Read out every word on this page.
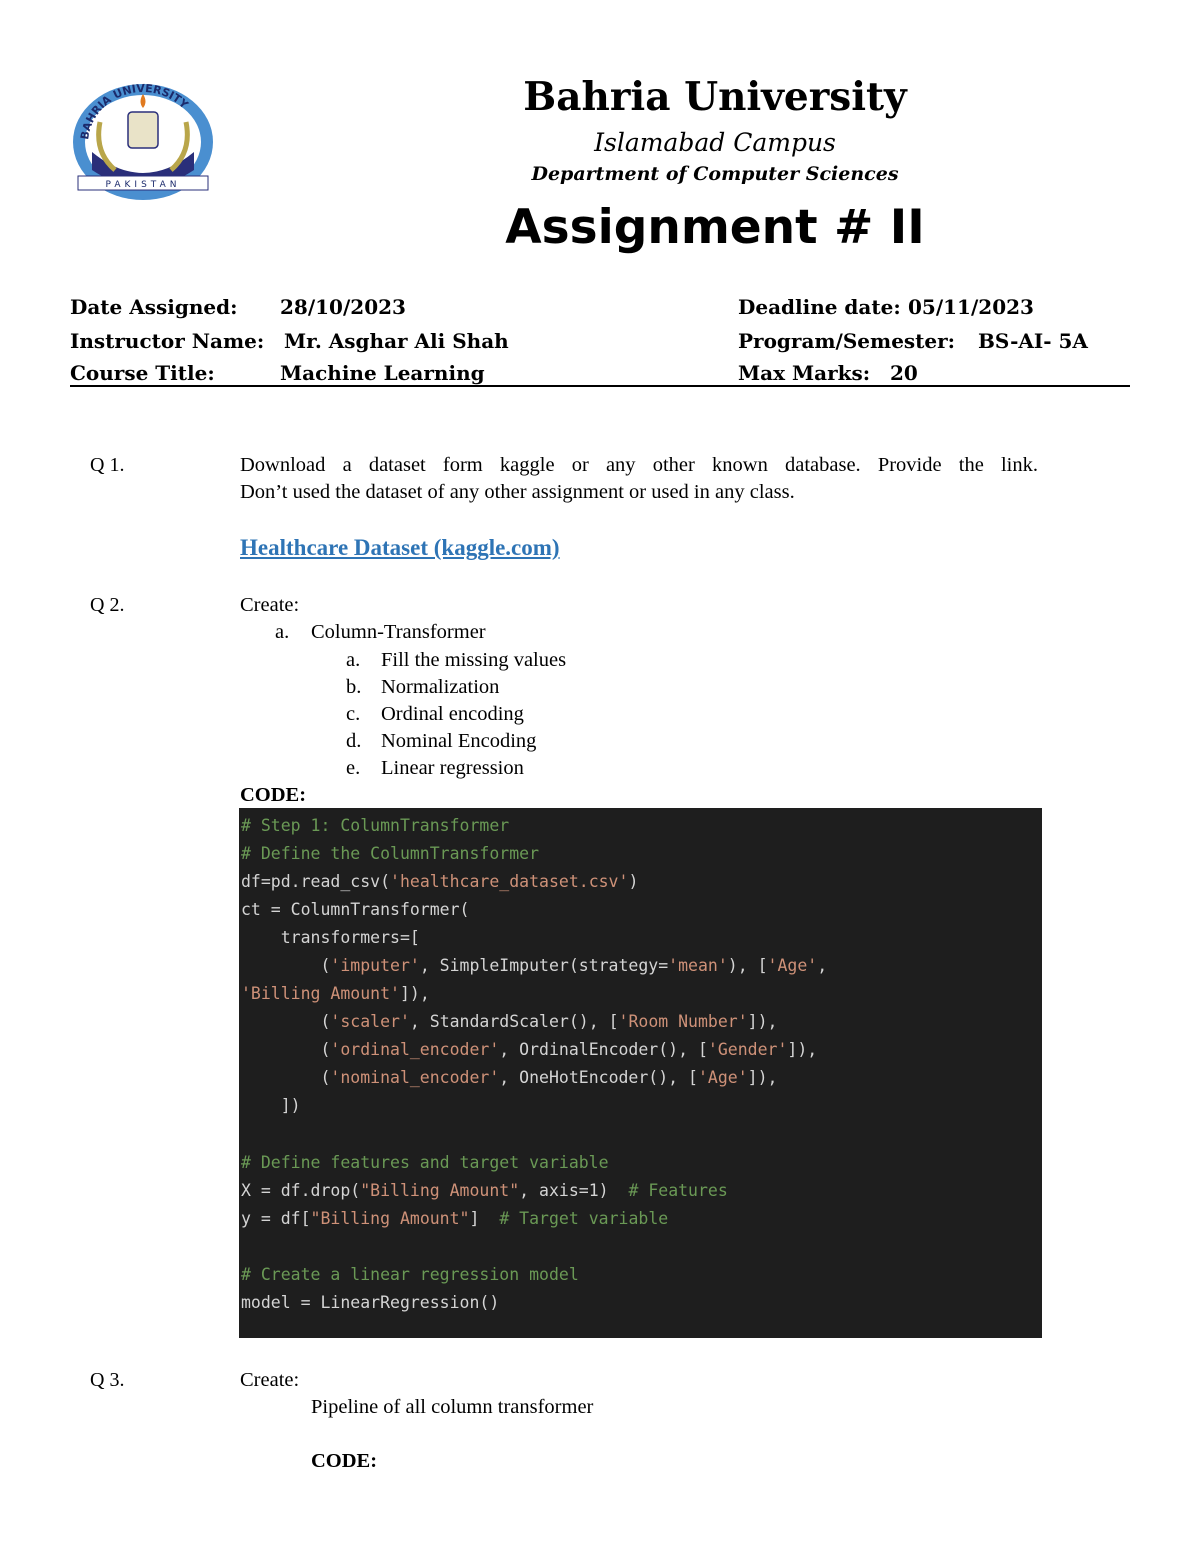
BAHRIA UNIVERSITY
PAKISTAN
Bahria University
Islamabad Campus
Department of Computer Sciences
Assignment # II
Date Assigned: 28/10/2023
Instructor Name: Mr. Asghar Ali Shah
Course Title:	Machine Learning
Deadline date: 05/11/2023
Program/Semester: BS-AI- 5A
Max Marks: 20
Q 1.	Download a dataset form kaggle or any other known database. Provide the link.
Don’t used the dataset of any other assignment or used in any class.
Healthcare Dataset (kaggle.com)
Q 2.	Create:
a. Column-Transformer
a. Fill the missing values
b. Normalization
c. Ordinal encoding
d. Nominal Encoding
e. Linear regression
CODE:
# Step 1: ColumnTransformer
# Define the ColumnTransformer
df=pd.read_csv('healthcare_dataset.csv')
ct = ColumnTransformer(
transformers=[
('imputer', SimpleImputer(strategy='mean'), ['Age',
'Billing Amount']),
('scaler', StandardScaler(), ['Room Number']),
('ordinal_encoder', OrdinalEncoder(), ['Gender']),
('nominal_encoder', OneHotEncoder(), ['Age']),
])

# Define features and target variable
X = df.drop("Billing Amount", axis=1)  # Features
y = df["Billing Amount"]  # Target variable

# Create a linear regression model
model = LinearRegression()
Q 3.	Create:
Pipeline of all column transformer
CODE:
